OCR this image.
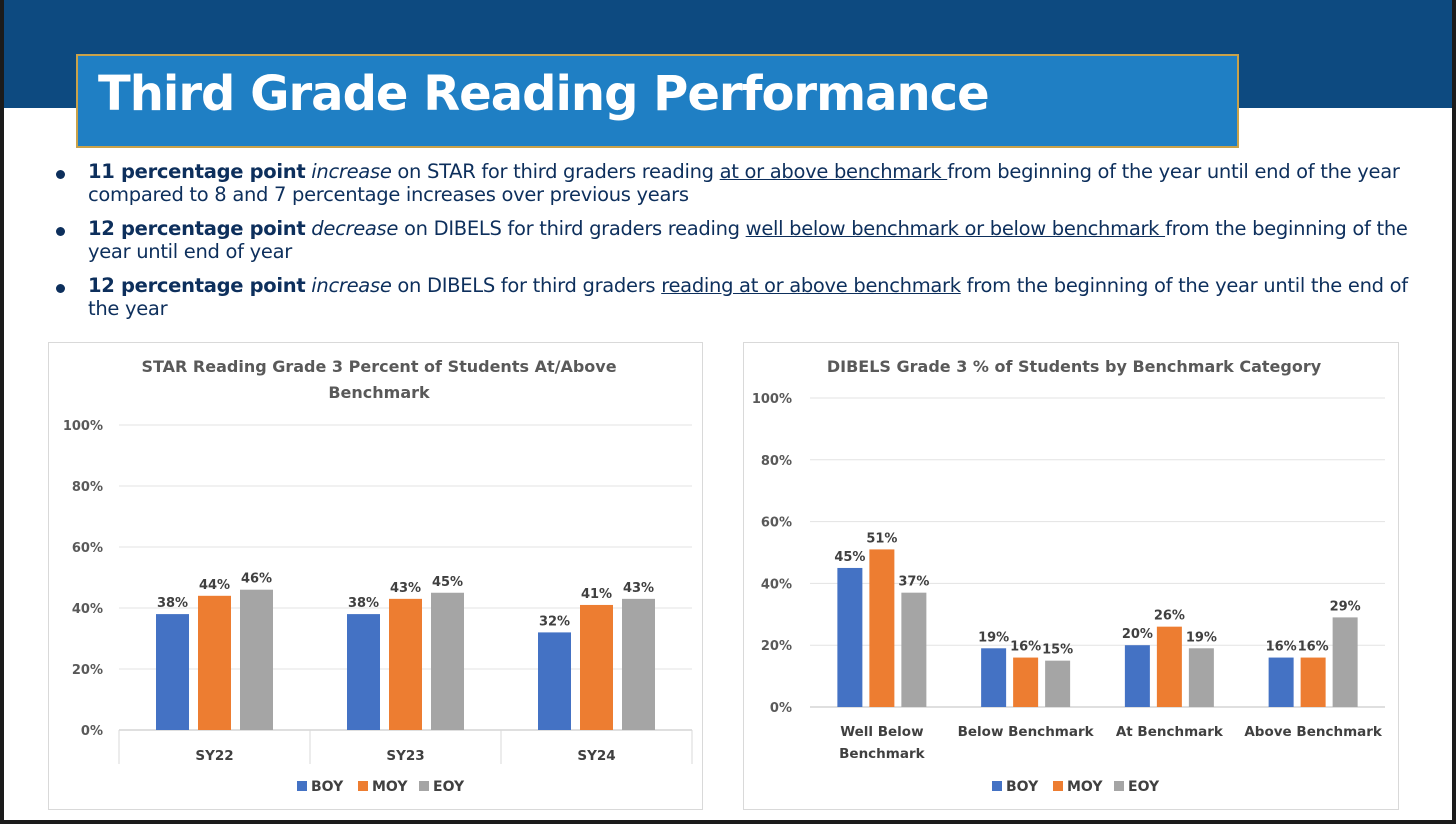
Third Grade Reading Performance
11 percentage point increase on STAR for third graders reading at or above benchmark from beginning of the year until end of the year compared to 8 and 7 percentage increases over previous years
12 percentage point decrease on DIBELS for third graders reading well below benchmark or below benchmark from the beginning of the year until end of year
12 percentage point increase on DIBELS for third graders reading at or above benchmark from the beginning of the year until the end of the year
STAR Reading Grade 3 Percent of Students At/Above
Benchmark
0%
20%
40%
60%
80%
100%
38%
44% 46%
SY22
38%
43% 45%
SY23
32%
41% 43%
SY24
BOY MOY EOY
DIBELS Grade 3 % of Students by Benchmark Category
0%
20%
40%
60%
80%
100%
45%
51%
37%
Well Below
Benchmark
19%
16% 15%
Below Benchmark
20%
26%
19%
At Benchmark
16% 16%
29%
Above Benchmark
BOY MOY EOY
